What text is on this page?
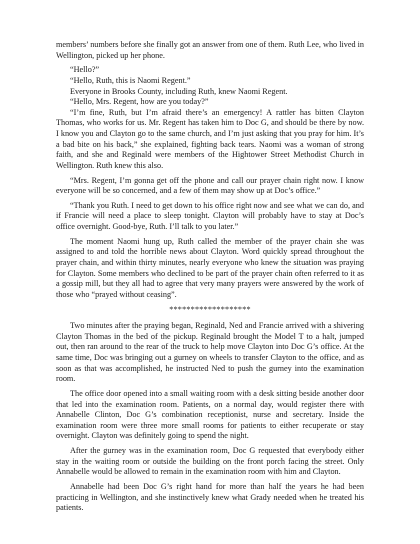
members’ numbers before she finally got an answer from one of them. Ruth Lee, who lived in Wellington, picked up her phone.

“Hello?”

“Hello, Ruth, this is Naomi Regent.”

Everyone in Brooks County, including Ruth, knew Naomi Regent.

“Hello, Mrs. Regent, how are you today?”

“I’m fine, Ruth, but I’m afraid there’s an emergency! A rattler has bitten Clayton Thomas, who works for us. Mr. Regent has taken him to Doc G, and should be there by now. I know you and Clayton go to the same church, and I’m just asking that you pray for him. It’s a bad bite on his back,” she explained, fighting back tears. Naomi was a woman of strong faith, and she and Reginald were members of the Hightower Street Methodist Church in Wellington. Ruth knew this also.

“Mrs. Regent, I’m gonna get off the phone and call our prayer chain right now. I know everyone will be so concerned, and a few of them may show up at Doc’s office.”

“Thank you Ruth. I need to get down to his office right now and see what we can do, and if Francie will need a place to sleep tonight. Clayton will probably have to stay at Doc’s office overnight. Good-bye, Ruth. I’ll talk to you later.”

The moment Naomi hung up, Ruth called the member of the prayer chain she was assigned to and told the horrible news about Clayton. Word quickly spread throughout the prayer chain, and within thirty minutes, nearly everyone who knew the situation was praying for Clayton. Some members who declined to be part of the prayer chain often referred to it as a gossip mill, but they all had to agree that very many prayers were answered by the work of those who “prayed without ceasing”.

*******************

Two minutes after the praying began, Reginald, Ned and Francie arrived with a shivering Clayton Thomas in the bed of the pickup. Reginald brought the Model T to a halt, jumped out, then ran around to the rear of the truck to help move Clayton into Doc G’s office. At the same time, Doc was bringing out a gurney on wheels to transfer Clayton to the office, and as soon as that was accomplished, he instructed Ned to push the gurney into the examination room.

The office door opened into a small waiting room with a desk sitting beside another door that led into the examination room. Patients, on a normal day, would register there with Annabelle Clinton, Doc G’s combination receptionist, nurse and secretary. Inside the examination room were three more small rooms for patients to either recuperate or stay overnight. Clayton was definitely going to spend the night.

After the gurney was in the examination room, Doc G requested that everybody either stay in the waiting room or outside the building on the front porch facing the street. Only Annabelle would be allowed to remain in the examination room with him and Clayton.

Annabelle had been Doc G’s right hand for more than half the years he had been practicing in Wellington, and she instinctively knew what Grady needed when he treated his patients.
